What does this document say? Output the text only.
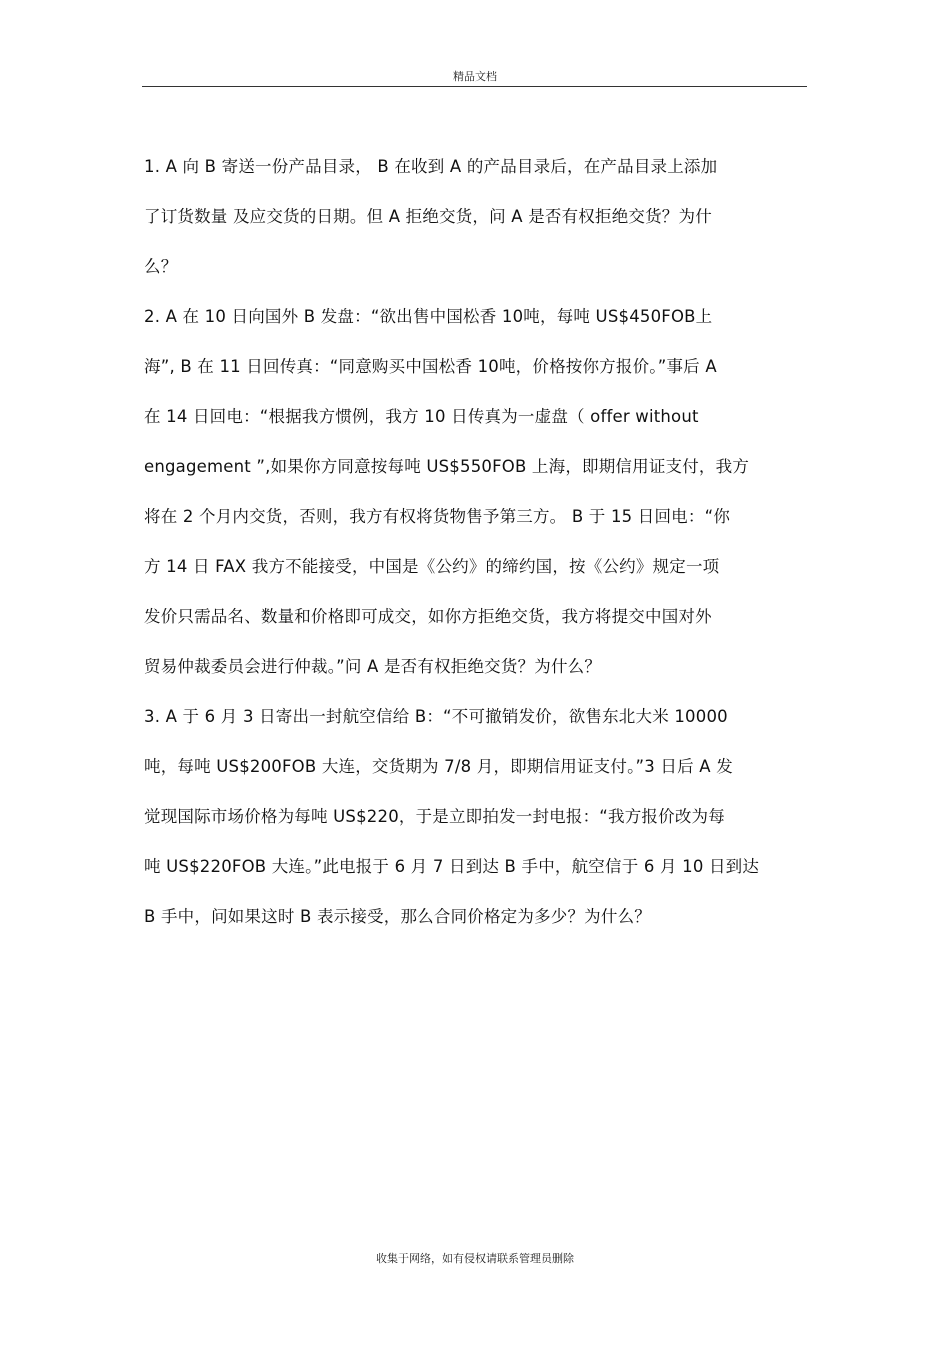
精品文档
1. A 向 B 寄送一份产品目录， B 在收到 A 的产品目录后，在产品目录上添加
了订货数量 及应交货的日期。但 A 拒绝交货，问 A 是否有权拒绝交货？为什
么？
2. A 在 10 日向国外 B 发盘：“欲出售中国松香 10吨，每吨 US$450FOB上
海”, B 在 11 日回传真：“同意购买中国松香 10吨，价格按你方报价。”事后 A
在 14 日回电：“根据我方惯例，我方 10 日传真为一虚盘（ offer without
engagement ”,如果你方同意按每吨 US$550FOB 上海，即期信用证支付，我方
将在 2 个月内交货，否则，我方有权将货物售予第三方。 B 于 15 日回电：“你
方 14 日 FAX 我方不能接受，中国是《公约》的缔约国，按《公约》规定一项
发价只需品名、数量和价格即可成交，如你方拒绝交货，我方将提交中国对外
贸易仲裁委员会进行仲裁。”问 A 是否有权拒绝交货？为什么？
3. A 于 6 月 3 日寄出一封航空信给 B：“不可撤销发价，欲售东北大米 10000
吨，每吨 US$200FOB 大连，交货期为 7/8 月，即期信用证支付。”3 日后 A 发
觉现国际市场价格为每吨 US$220，于是立即拍发一封电报：“我方报价改为每
吨 US$220FOB 大连。”此电报于 6 月 7 日到达 B 手中，航空信于 6 月 10 日到达
B 手中，问如果这时 B 表示接受，那么合同价格定为多少？为什么？
收集于网络，如有侵权请联系管理员删除
